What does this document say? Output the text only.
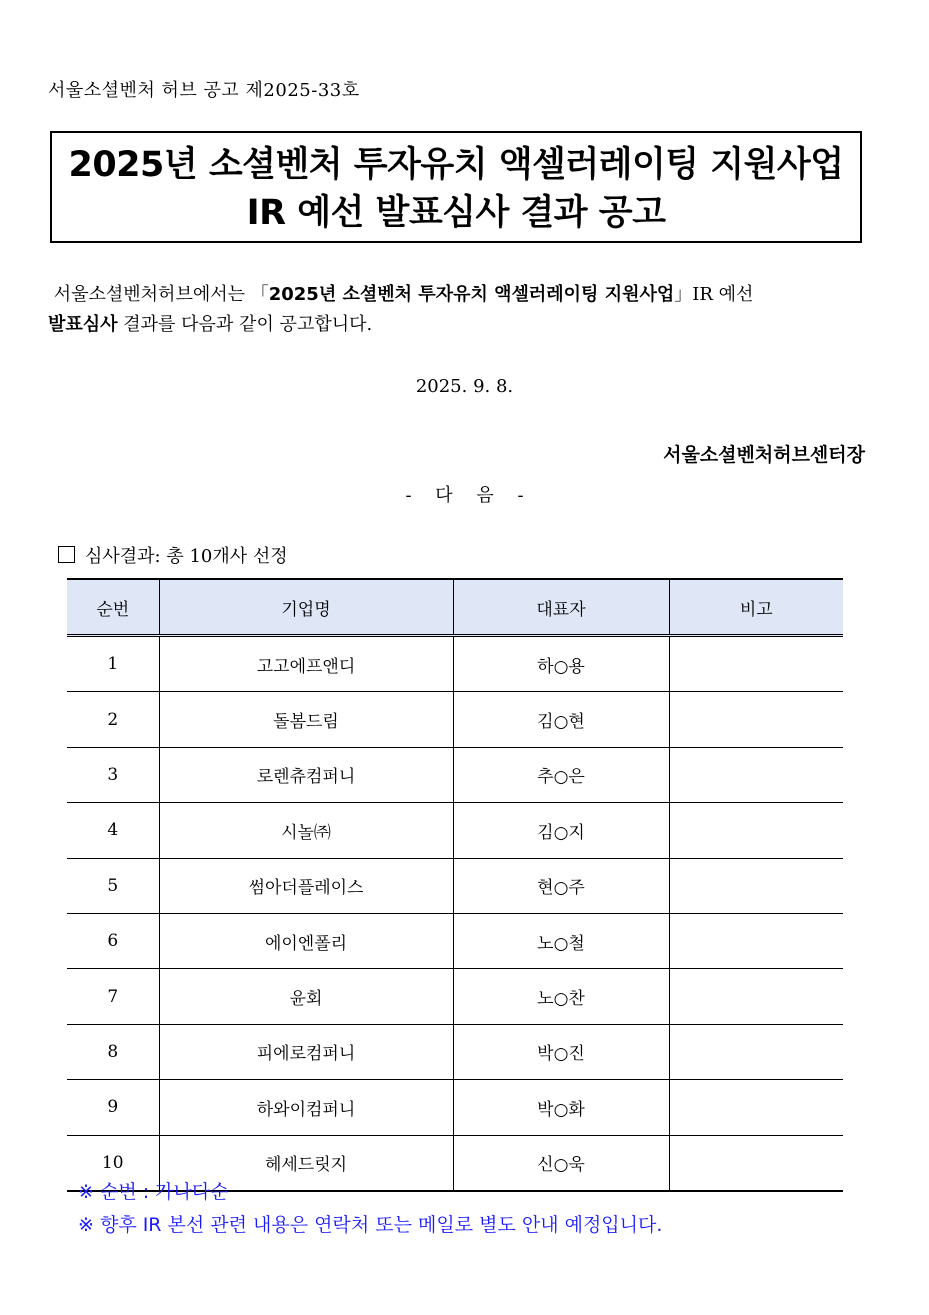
서울소셜벤처 허브 공고 제2025-33호
2025년 소셜벤처 투자유치 액셀러레이팅 지원사업
IR 예선 발표심사 결과 공고
서울소셜벤처허브에서는 「2025년 소셜벤처 투자유치 액셀러레이팅 지원사업」IR 예선
발표심사 결과를 다음과 같이 공고합니다.
2025. 9. 8.
서울소셜벤처허브센터장
- 다 음 -
심사결과: 총 10개사 선정
순번	기업명	대표자	비고
1	고고에프앤디	하○용	
2	돌봄드림	김○현	
3	로렌츄컴퍼니	추○은	
4	시놀㈜	김○지	
5	썸아더플레이스	현○주	
6	에이엔폴리	노○철	
7	윤회	노○찬	
8	피에로컴퍼니	박○진	
9	하와이컴퍼니	박○화	
10	헤세드릿지	신○욱	
※ 순번 : 가나다순
※ 향후 IR 본선 관련 내용은 연락처 또는 메일로 별도 안내 예정입니다.
